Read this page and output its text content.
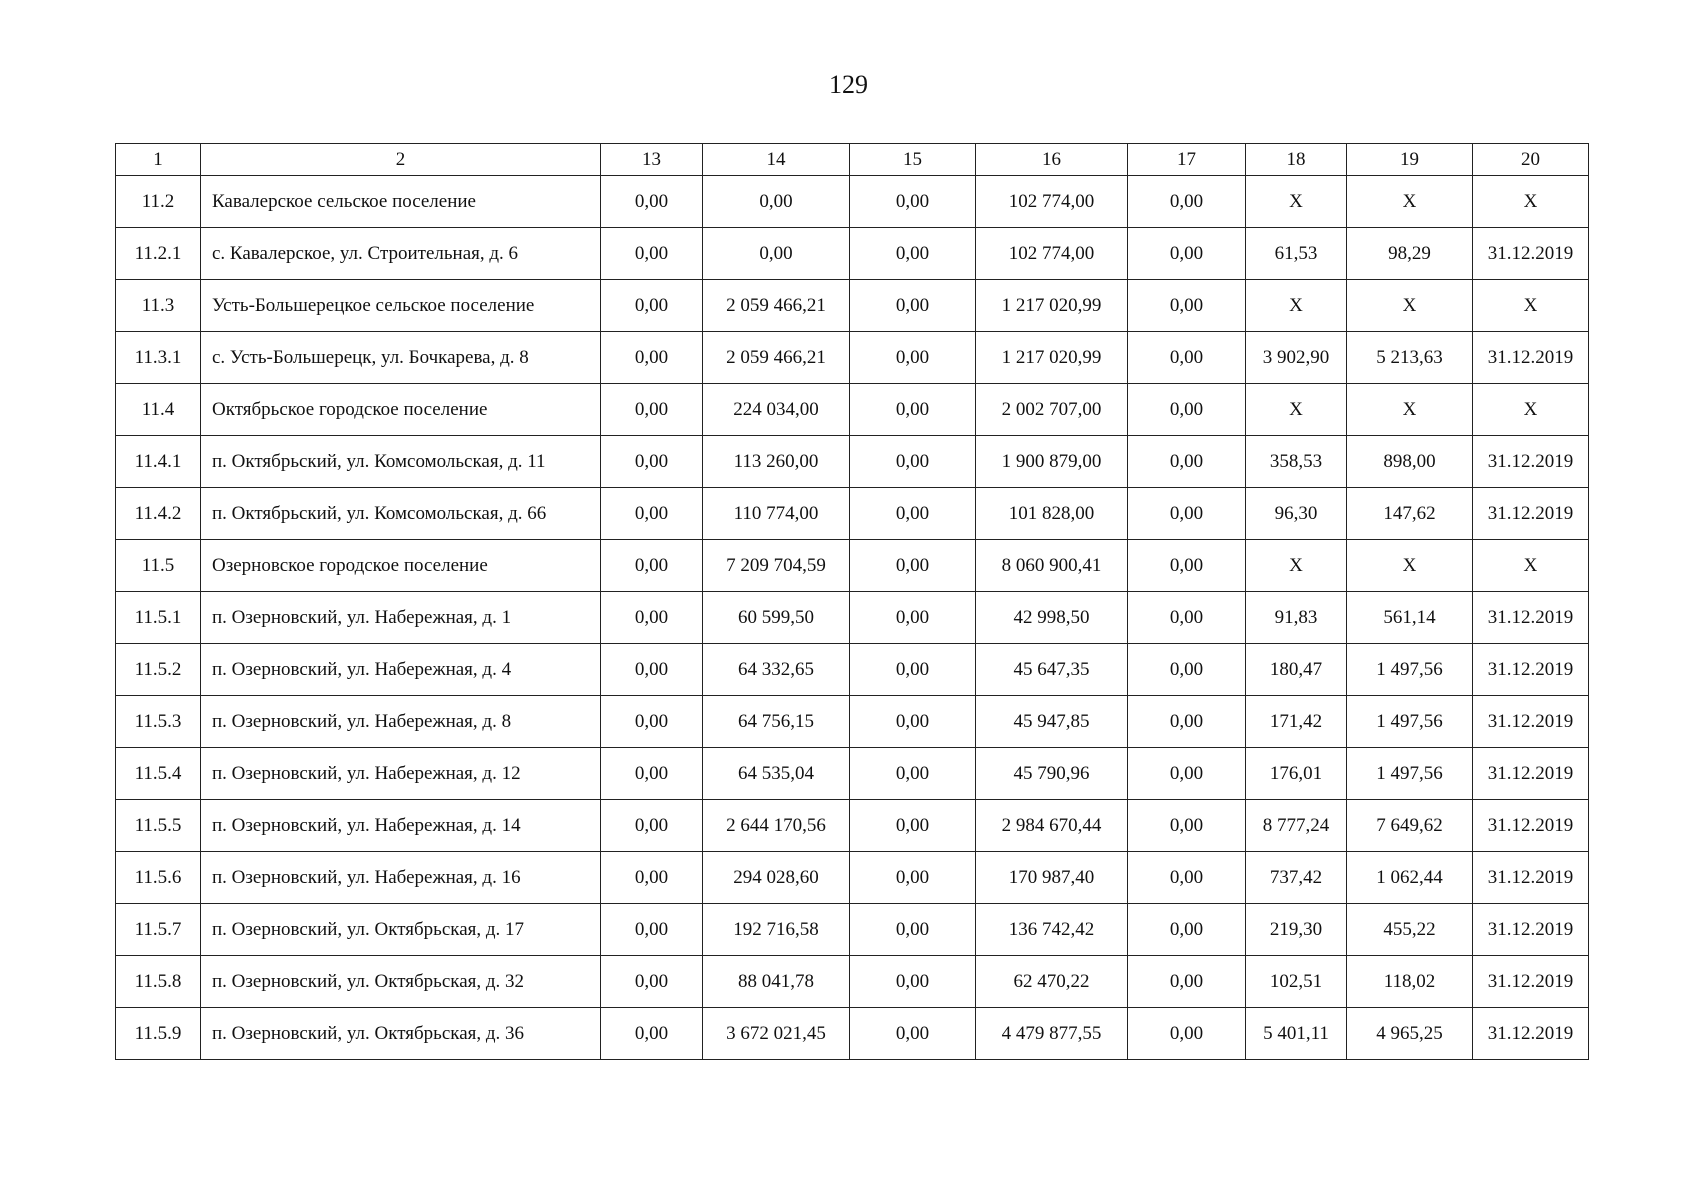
129
1	2	13	14	15	16	17	18	19	20
11.2	Кавалерское сельское поселение	0,00	0,00	0,00	102 774,00	0,00	X	X	X
11.2.1	с. Кавалерское, ул. Строительная, д. 6	0,00	0,00	0,00	102 774,00	0,00	61,53	98,29	31.12.2019
11.3	Усть-Большерецкое сельское поселение	0,00	2 059 466,21	0,00	1 217 020,99	0,00	X	X	X
11.3.1	с. Усть-Большерецк, ул. Бочкарева, д. 8	0,00	2 059 466,21	0,00	1 217 020,99	0,00	3 902,90	5 213,63	31.12.2019
11.4	Октябрьское городское поселение	0,00	224 034,00	0,00	2 002 707,00	0,00	X	X	X
11.4.1	п. Октябрьский, ул. Комсомольская, д. 11	0,00	113 260,00	0,00	1 900 879,00	0,00	358,53	898,00	31.12.2019
11.4.2	п. Октябрьский, ул. Комсомольская, д. 66	0,00	110 774,00	0,00	101 828,00	0,00	96,30	147,62	31.12.2019
11.5	Озерновское городское поселение	0,00	7 209 704,59	0,00	8 060 900,41	0,00	X	X	X
11.5.1	п. Озерновский, ул. Набережная, д. 1	0,00	60 599,50	0,00	42 998,50	0,00	91,83	561,14	31.12.2019
11.5.2	п. Озерновский, ул. Набережная, д. 4	0,00	64 332,65	0,00	45 647,35	0,00	180,47	1 497,56	31.12.2019
11.5.3	п. Озерновский, ул. Набережная, д. 8	0,00	64 756,15	0,00	45 947,85	0,00	171,42	1 497,56	31.12.2019
11.5.4	п. Озерновский, ул. Набережная, д. 12	0,00	64 535,04	0,00	45 790,96	0,00	176,01	1 497,56	31.12.2019
11.5.5	п. Озерновский, ул. Набережная, д. 14	0,00	2 644 170,56	0,00	2 984 670,44	0,00	8 777,24	7 649,62	31.12.2019
11.5.6	п. Озерновский, ул. Набережная, д. 16	0,00	294 028,60	0,00	170 987,40	0,00	737,42	1 062,44	31.12.2019
11.5.7	п. Озерновский, ул. Октябрьская, д. 17	0,00	192 716,58	0,00	136 742,42	0,00	219,30	455,22	31.12.2019
11.5.8	п. Озерновский, ул. Октябрьская, д. 32	0,00	88 041,78	0,00	62 470,22	0,00	102,51	118,02	31.12.2019
11.5.9	п. Озерновский, ул. Октябрьская, д. 36	0,00	3 672 021,45	0,00	4 479 877,55	0,00	5 401,11	4 965,25	31.12.2019
